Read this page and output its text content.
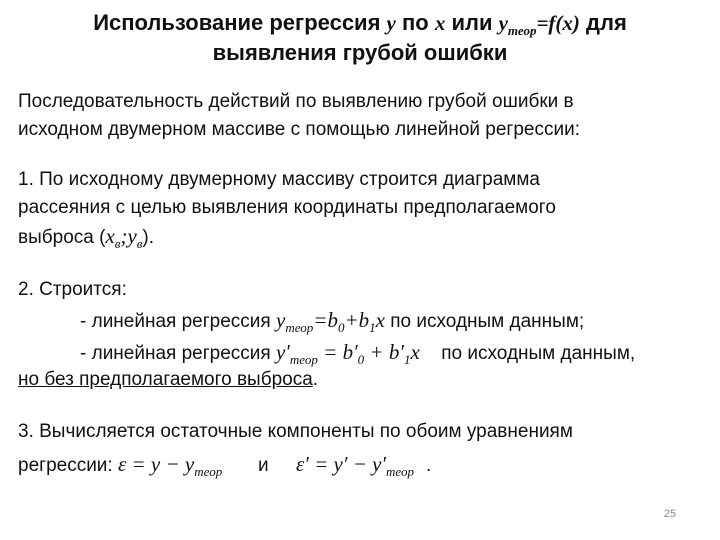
Использование регрессия y по x или $y_{теор}=f(x)$ для
выявления грубой ошибки
Последовательность действий по выявлению грубой ошибки в
исходном двумерном массиве с помощью линейной регрессии:
1. По исходному двумерному массиву строится диаграмма
рассеяния с целью выявления координаты предполагаемого
выброса $(x_в;y_в)$.
2. Строится:
- линейная регрессия $y_{теор}=b_0+b_1x$ по исходным данным;
- линейная регрессия $y'_{теор} = b'_0 + b'_1x$ по исходным данным,
но без предполагаемого выброса.
3. Вычисляется остаточные компоненты по обоим уравнениям
регрессии: $\varepsilon = y - y_{теор}$ и $\varepsilon' = y' - y'_{теор}$ .
25
